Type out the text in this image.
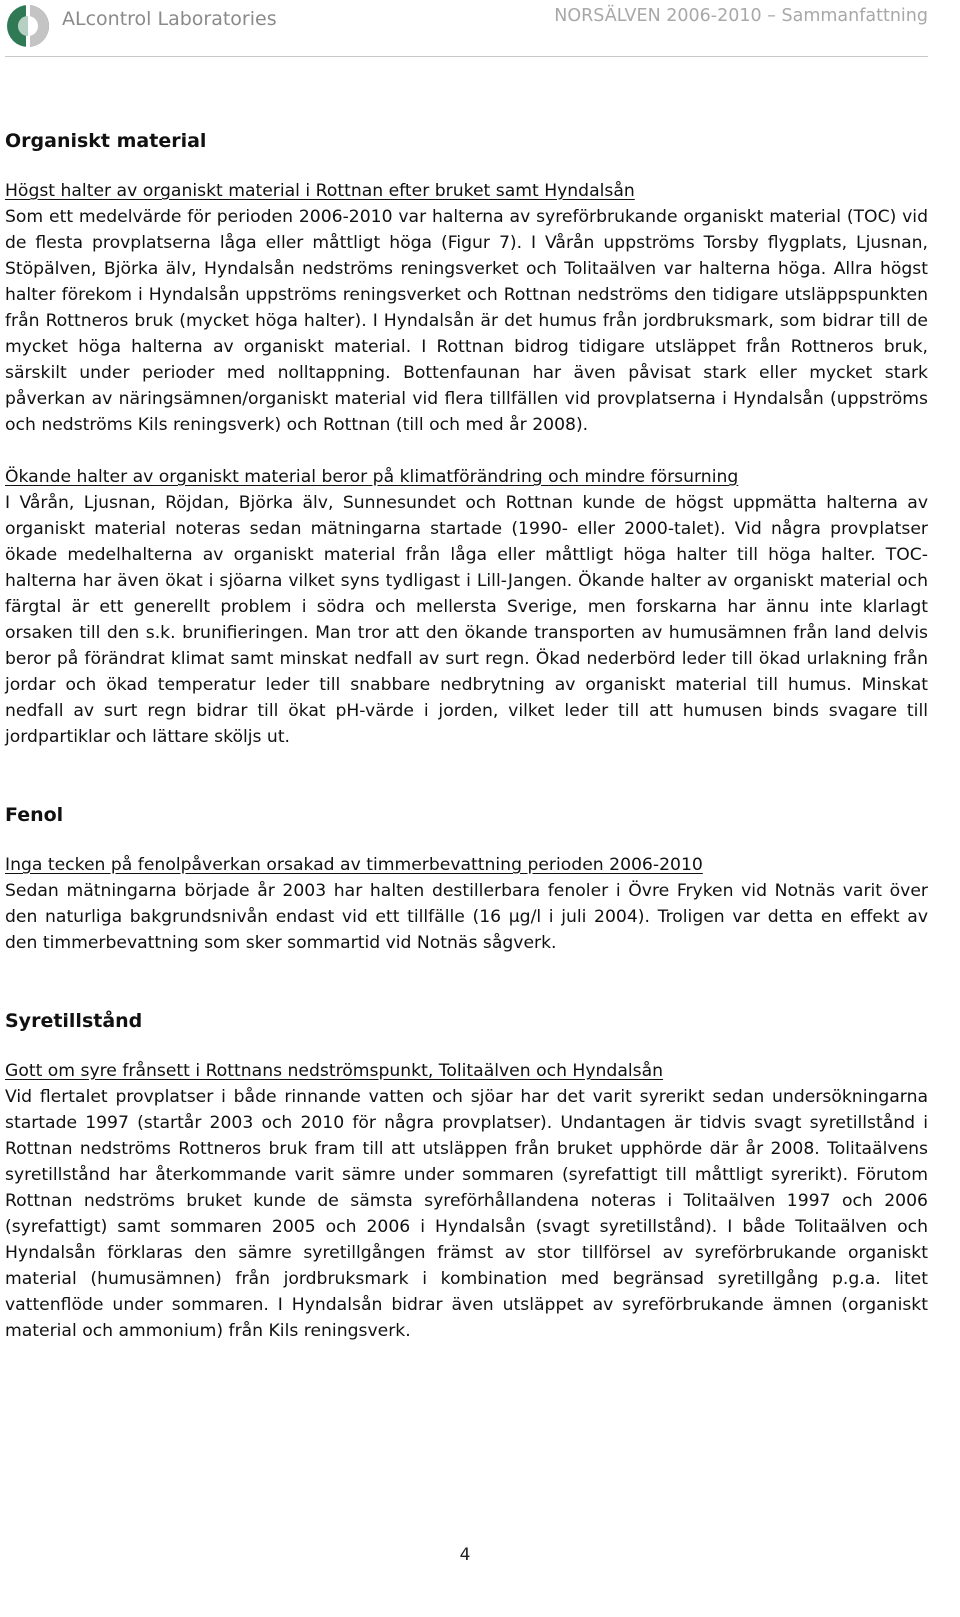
ALcontrol Laboratories	NORSÄLVEN 2006-2010 – Sammanfattning
Organiskt material

Högst halter av organiskt material i Rottnan efter bruket samt Hyndalsån

Som ett medelvärde för perioden 2006-2010 var halterna av syreförbrukande organiskt material (TOC) vid de flesta provplatserna låga eller måttligt höga (Figur 7). I Vårån uppströms Torsby flygplats, Ljusnan, Stöpälven, Björka älv, Hyndalsån nedströms reningsverket och Tolitaälven var halterna höga. Allra högst halter förekom i Hyndalsån uppströms reningsverket och Rottnan nedströms den tidigare utsläppspunkten från Rottneros bruk (mycket höga halter). I Hyndalsån är det humus från jordbruksmark, som bidrar till de mycket höga halterna av organiskt material. I Rottnan bidrog tidigare utsläppet från Rottneros bruk, särskilt under perioder med nolltappning. Bottenfaunan har även påvisat stark eller mycket stark påverkan av näringsämnen/organiskt material vid flera tillfällen vid provplatserna i Hyndalsån (uppströms och nedströms Kils reningsverk) och Rottnan (till och med år 2008).

Ökande halter av organiskt material beror på klimatförändring och mindre försurning

I Vårån, Ljusnan, Röjdan, Björka älv, Sunnesundet och Rottnan kunde de högst uppmätta halterna av organiskt material noteras sedan mätningarna startade (1990- eller 2000-talet). Vid några provplatser ökade medelhalterna av organiskt material från låga eller måttligt höga halter till höga halter. TOC-halterna har även ökat i sjöarna vilket syns tydligast i Lill-Jangen. Ökande halter av organiskt material och färgtal är ett generellt problem i södra och mellersta Sverige, men forskarna har ännu inte klarlagt orsaken till den s.k. brunifieringen. Man tror att den ökande transporten av humusämnen från land delvis beror på förändrat klimat samt minskat nedfall av surt regn. Ökad nederbörd leder till ökad urlakning från jordar och ökad temperatur leder till snabbare nedbrytning av organiskt material till humus. Minskat nedfall av surt regn bidrar till ökat pH-värde i jorden, vilket leder till att humusen binds svagare till jordpartiklar och lättare sköljs ut.

Fenol

Inga tecken på fenolpåverkan orsakad av timmerbevattning perioden 2006-2010

Sedan mätningarna började år 2003 har halten destillerbara fenoler i Övre Fryken vid Notnäs varit över den naturliga bakgrundsnivån endast vid ett tillfälle (16 µg/l i juli 2004). Troligen var detta en effekt av den timmerbevattning som sker sommartid vid Notnäs sågverk.

Syretillstånd

Gott om syre frånsett i Rottnans nedströmspunkt, Tolitaälven och Hyndalsån

Vid flertalet provplatser i både rinnande vatten och sjöar har det varit syrerikt sedan undersökningarna startade 1997 (startår 2003 och 2010 för några provplatser). Undantagen är tidvis svagt syretillstånd i Rottnan nedströms Rottneros bruk fram till att utsläppen från bruket upphörde där år 2008. Tolitaälvens syretillstånd har återkommande varit sämre under sommaren (syrefattigt till måttligt syrerikt). Förutom Rottnan nedströms bruket kunde de sämsta syreförhållandena noteras i Tolitaälven 1997 och 2006 (syrefattigt) samt sommaren 2005 och 2006 i Hyndalsån (svagt syretillstånd). I både Tolitaälven och Hyndalsån förklaras den sämre syretillgången främst av stor tillförsel av syreförbrukande organiskt material (humusämnen) från jordbruksmark i kombination med begränsad syretillgång p.g.a. litet vattenflöde under sommaren. I Hyndalsån bidrar även utsläppet av syreförbrukande ämnen (organiskt material och ammonium) från Kils reningsverk.

4
